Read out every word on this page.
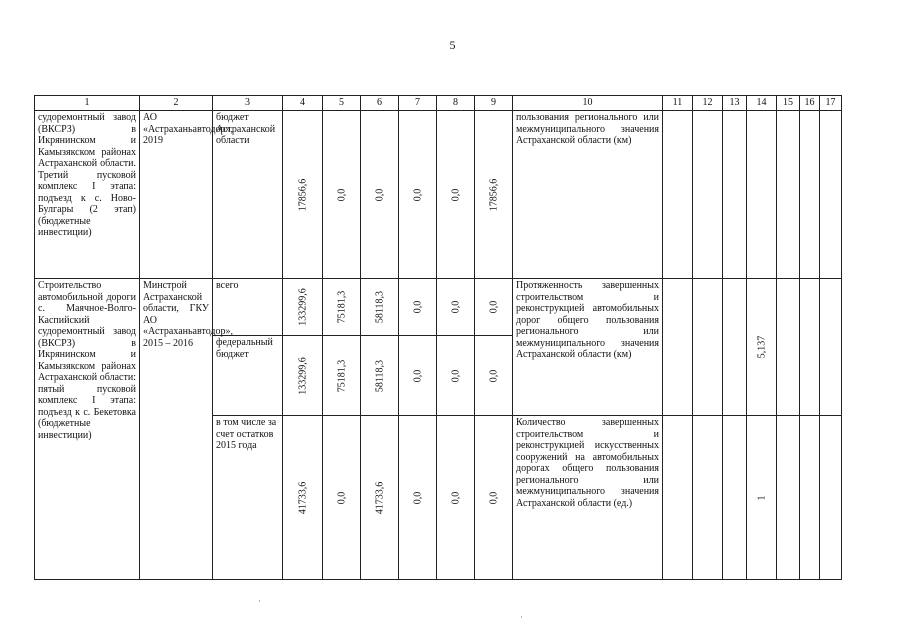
5
1	2	3	4	5	6	7	8	9	10	11	12	13	14	15	16	17
судоремонтный завод (ВКСРЗ) в Икрянинском и Камызякском районах Астраханской области. Третий пусковой комплекс I этапа: подъезд к с. Ново-Булгары (2 этап) (бюджетные инвестиции)	АО «Астраханьавтодор», 2019	бюджет Астраханской области	17856,6	0,0	0,0	0,0	0,0	17856,6	пользования регионального или межмуниципального значения Астраханской области (км)							
Строительство автомобильной дороги с. Маячное-Волго-Каспийский судоремонтный завод (ВКСРЗ) в Икрянинском и Камызякском районах Астраханской области: пятый пусковой комплекс I этапа: подъезд к с. Бекетовка (бюджетные инвестиции)	Минстрой Астраханской области, ГКУ АО «Астраханьавтодор», 2015 – 2016	всего	133299,6	75181,3	58118,3	0,0	0,0	0,0	Протяженность завершенных строительством и реконструкцией автомобильных дорог общего пользования регионального или межмуниципального значения Астраханской области (км)				5,137			

		федеральный бюджет	133299,6	75181,3	58118,3	0,0	0,0	0,0								

		в том числе за счет остатков 2015 года	41733,6	0,0	41733,6	0,0	0,0	0,0	Количество завершенных строительством и реконструкцией искусственных сооружений на автомобильных дорогах общего пользования регионального или межмуниципального значения Астраханской области (ед.)				1			

·
·
